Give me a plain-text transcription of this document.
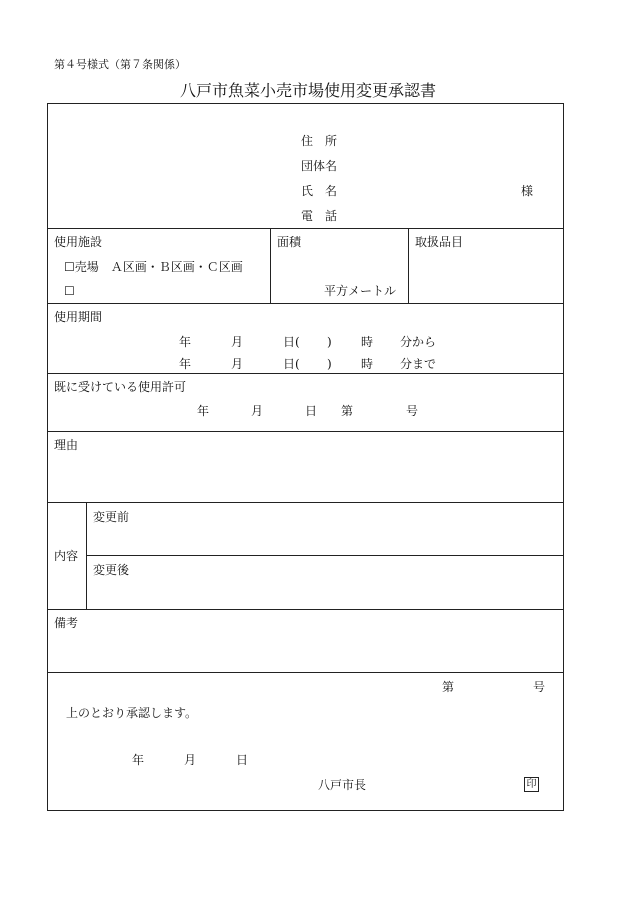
第４号様式（第７条関係）
八戸市魚菜小売市場使用変更承認書
住　所
団体名
氏　名
電　話
様
使用施設	面積	取扱品目
☐売場　Ａ区画・Ｂ区画・Ｃ区画
☐	平方メートル
使用期間
年	月	日( ) 時 分から
年	月	日( ) 時 分まで
既に受けている使用許可
年	月	日 第	号
理由
内容
変更前
変更後
備考
第	号
上のとおり承認します。
年	月	日
八戸市長	印
